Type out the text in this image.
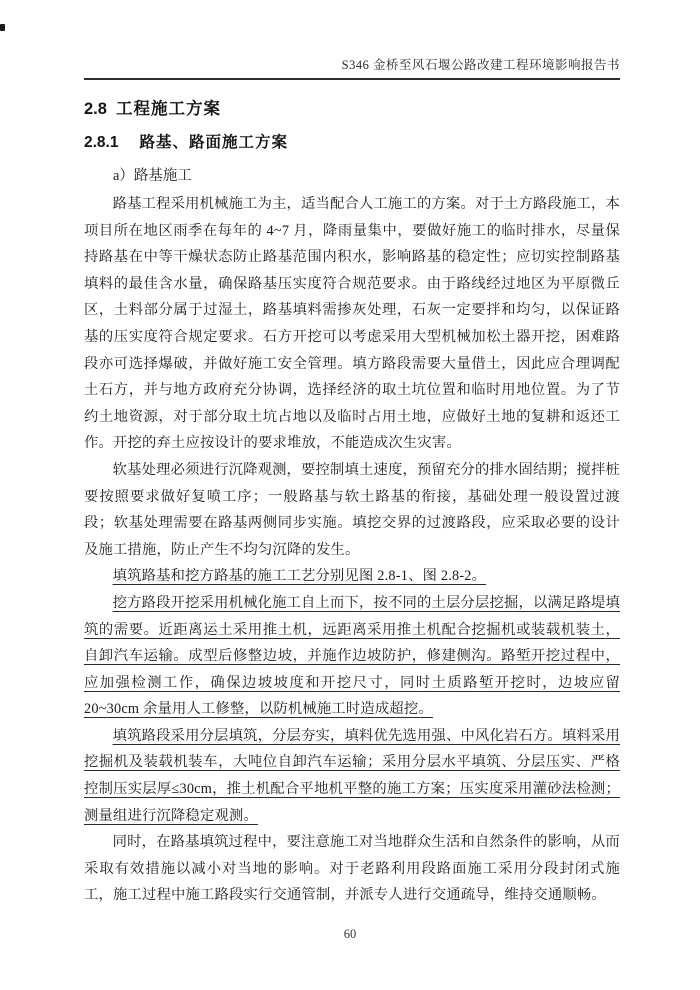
S346 金桥至风石堰公路改建工程环境影响报告书
2.8 工程施工方案
2.8.1 路基、路面施工方案
a）路基施工

路基工程采用机械施工为主，适当配合人工施工的方案。对于土方路段施工，本项目所在地区雨季在每年的 4~7 月，降雨量集中，要做好施工的临时排水，尽量保持路基在中等干燥状态防止路基范围内积水，影响路基的稳定性；应切实控制路基填料的最佳含水量，确保路基压实度符合规范要求。由于路线经过地区为平原微丘区，土料部分属于过湿土，路基填料需掺灰处理，石灰一定要拌和均匀，以保证路基的压实度符合规定要求。石方开挖可以考虑采用大型机械加松土器开挖，困难路段亦可选择爆破，并做好施工安全管理。填方路段需要大量借土，因此应合理调配土石方，并与地方政府充分协调，选择经济的取土坑位置和临时用地位置。为了节约土地资源，对于部分取土坑占地以及临时占用土地，应做好土地的复耕和返还工作。开挖的弃土应按设计的要求堆放，不能造成次生灾害。

软基处理必须进行沉降观测，要控制填土速度，预留充分的排水固结期；搅拌桩要按照要求做好复喷工序；一般路基与软土路基的衔接，基础处理一般设置过渡段；软基处理需要在路基两侧同步实施。填挖交界的过渡路段，应采取必要的设计及施工措施，防止产生不均匀沉降的发生。

填筑路基和挖方路基的施工工艺分别见图 2.8-1、图 2.8-2。

挖方路段开挖采用机械化施工自上而下，按不同的土层分层挖掘，以满足路堤填筑的需要。近距离运土采用推土机，远距离采用推土机配合挖掘机或装载机装土，自卸汽车运输。成型后修整边坡，并施作边坡防护，修建侧沟。路堑开挖过程中，应加强检测工作，确保边坡坡度和开挖尺寸，同时土质路堑开挖时，边坡应留 20~30cm 余量用人工修整，以防机械施工时造成超挖。

填筑路段采用分层填筑，分层夯实，填料优先选用强、中风化岩石方。填料采用挖掘机及装载机装车，大吨位自卸汽车运输；采用分层水平填筑、分层压实、严格控制压实层厚≤30cm，推土机配合平地机平整的施工方案；压实度采用灌砂法检测；测量组进行沉降稳定观测。

同时，在路基填筑过程中，要注意施工对当地群众生活和自然条件的影响，从而采取有效措施以减小对当地的影响。对于老路利用段路面施工采用分段封闭式施工，施工过程中施工路段实行交通管制，并派专人进行交通疏导，维持交通顺畅。

60
